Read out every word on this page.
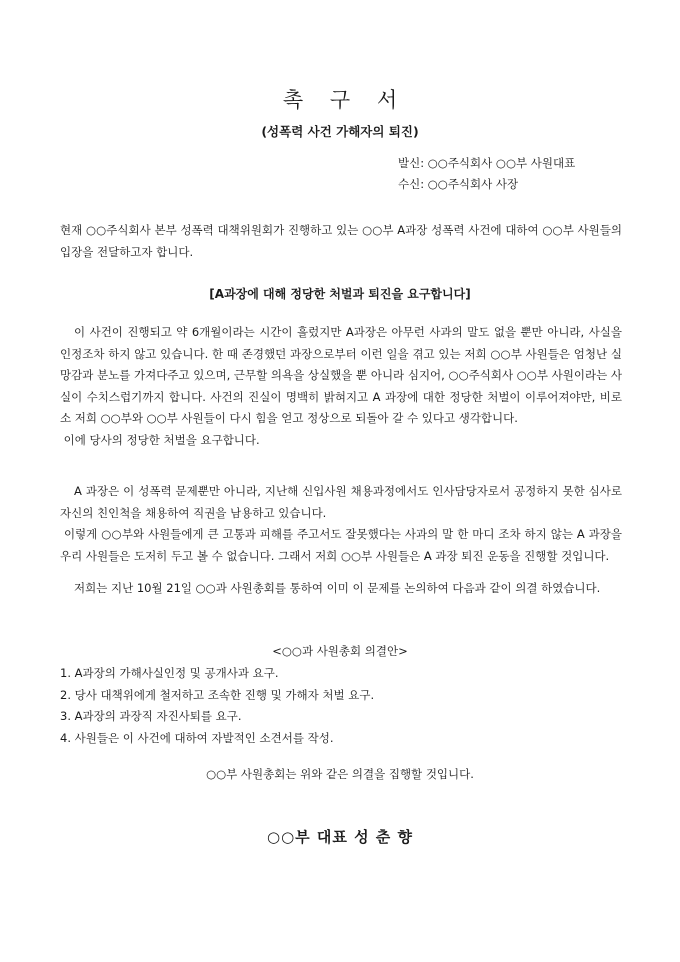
촉 구 서
(성폭력 사건 가해자의 퇴진)
발신: ○○주식회사 ○○부 사원대표
수신: ○○주식회사 사장

현재 ○○주식회사 본부 성폭력 대책위원회가 진행하고 있는 ○○부 A과장 성폭력 사건에 대하여 ○○부 사원들의 입장을 전달하고자 합니다.

[A과장에 대해 정당한 처벌과 퇴진을 요구합니다]
이 사건이 진행되고 약 6개월이라는 시간이 흘렀지만 A과장은 아무런 사과의 말도 없을 뿐만 아니라, 사실을 인정조차 하지 않고 있습니다. 한 때 존경했던 과장으로부터 이런 일을 겪고 있는 저희 ○○부 사원들은 엄청난 실망감과 분노를 가져다주고 있으며, 근무할 의욕을 상실했을 뿐 아니라 심지어, ○○주식회사 ○○부 사원이라는 사실이 수치스럽기까지 합니다. 사건의 진실이 명백히 밝혀지고 A 과장에 대한 정당한 처벌이 이루어져야만, 비로소 저희 ○○부와 ○○부 사원들이 다시 힘을 얻고 정상으로 되돌아 갈 수 있다고 생각합니다.
이에 당사의 정당한 처벌을 요구합니다.
A 과장은 이 성폭력 문제뿐만 아니라, 지난해 신입사원 채용과정에서도 인사담당자로서 공정하지 못한 심사로 자신의 친인척을 채용하여 직권을 남용하고 있습니다.
이렇게 ○○부와 사원들에게 큰 고통과 피해를 주고서도 잘못했다는 사과의 말 한 마디 조차 하지 않는 A 과장을 우리 사원들은 도저히 두고 볼 수 없습니다. 그래서 저희 ○○부 사원들은 A 과장 퇴진 운동을 진행할 것입니다.
저희는 지난 10월 21일 ○○과 사원총회를 통하여 이미 이 문제를 논의하여 다음과 같이 의결 하였습니다.
<○○과 사원총회 의결안>
1. A과장의 가해사실인정 및 공개사과 요구.
2. 당사 대책위에게 철저하고 조속한 진행 및 가해자 처벌 요구.
3. A과장의 과장직 자진사퇴를 요구.
4. 사원들은 이 사건에 대하여 자발적인 소견서를 작성.
○○부 사원총회는 위와 같은 의결을 집행할 것입니다.
○○부 대표 성 춘 향
